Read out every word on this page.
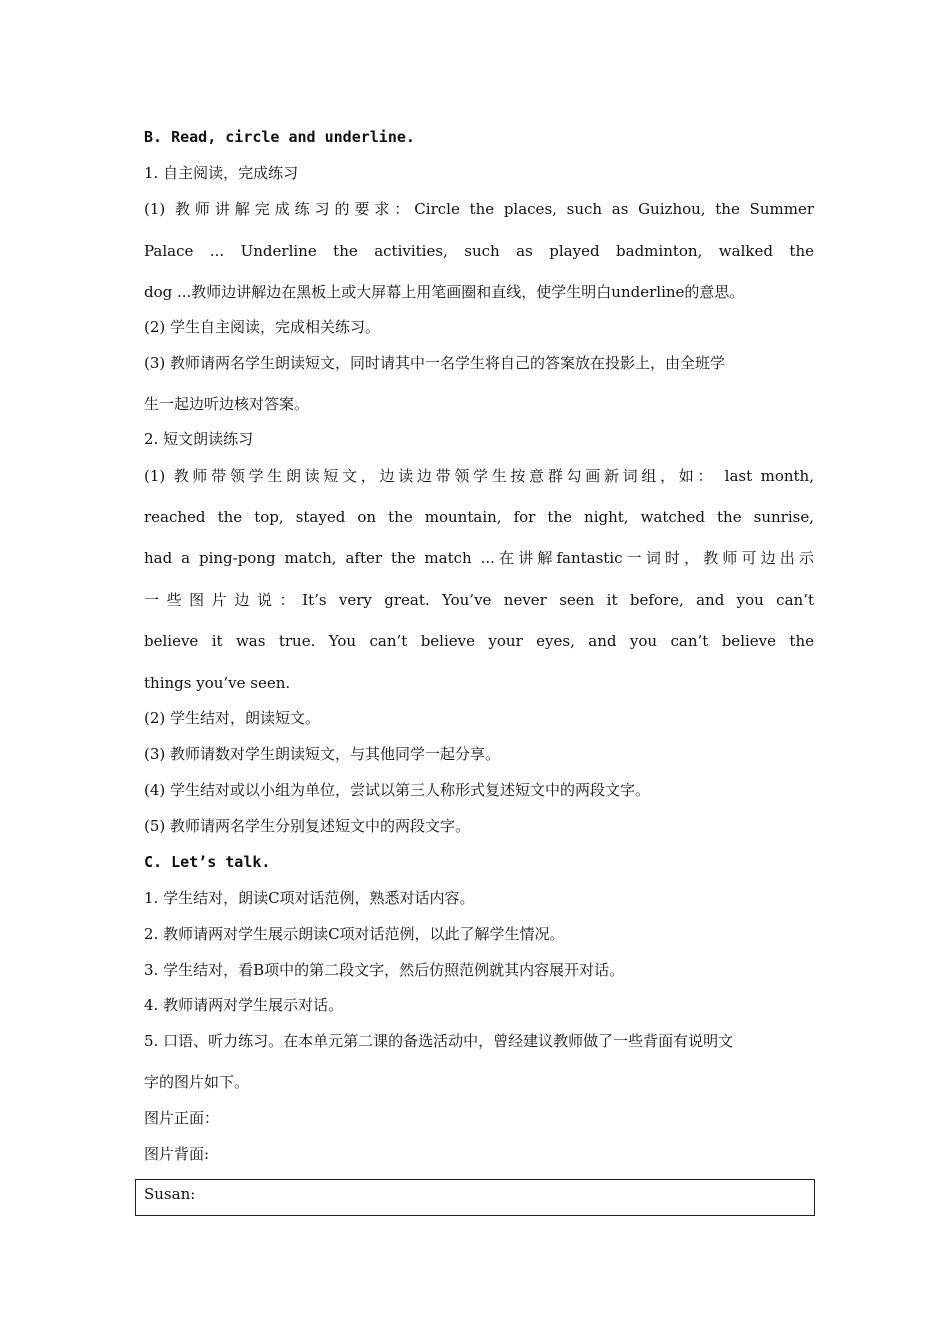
B. Read, circle and underline.
1. 自主阅读，完成练习
(1) 教师讲解完成练习的要求：Circle the places, such as Guizhou, the Summer
Palace ... Underline the activities, such as played badminton, walked the
dog ...教师边讲解边在黑板上或大屏幕上用笔画圈和直线，使学生明白underline的意思。
(2) 学生自主阅读，完成相关练习。
(3) 教师请两名学生朗读短文，同时请其中一名学生将自己的答案放在投影上，由全班学
生一起边听边核对答案。
2. 短文朗读练习
(1) 教师带领学生朗读短文，边读边带领学生按意群勾画新词组，如： last month,
reached the top, stayed on the mountain, for the night, watched the sunrise,
had a ping-pong match, after the match ...在讲解fantastic一词时，教师可边出示
一些图片边说：It’s very great. You’ve never seen it before, and you can’t
believe it was true. You can’t believe your eyes, and you can’t believe the
things you’ve seen.
(2) 学生结对，朗读短文。
(3) 教师请数对学生朗读短文，与其他同学一起分享。
(4) 学生结对或以小组为单位，尝试以第三人称形式复述短文中的两段文字。
(5) 教师请两名学生分别复述短文中的两段文字。
C. Let’s talk.
1. 学生结对，朗读C项对话范例，熟悉对话内容。
2. 教师请两对学生展示朗读C项对话范例，以此了解学生情况。
3. 学生结对，看B项中的第二段文字，然后仿照范例就其内容展开对话。
4. 教师请两对学生展示对话。
5. 口语、听力练习。在本单元第二课的备选活动中，曾经建议教师做了一些背面有说明文
字的图片如下。
图片正面：
图片背面:
Susan:
